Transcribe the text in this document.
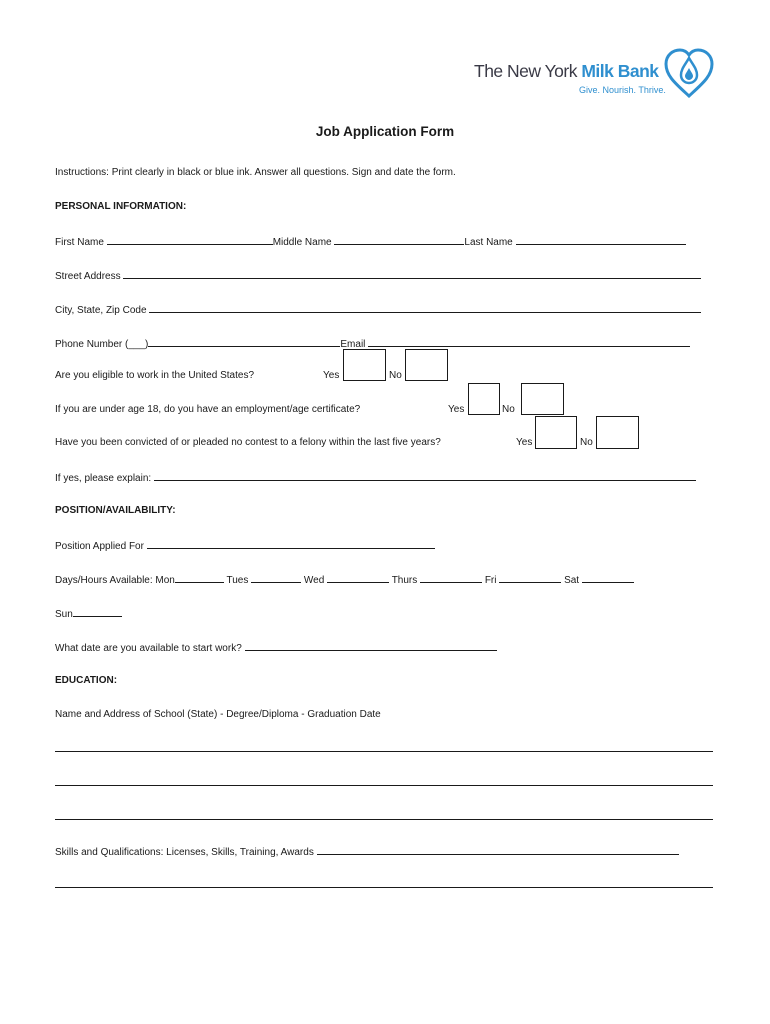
The New York Milk Bank
Give. Nourish. Thrive.
Job Application Form
Instructions: Print clearly in black or blue ink. Answer all questions. Sign and date the form.
PERSONAL INFORMATION:
First Name	Middle Name	Last Name
Street Address
City, State, Zip Code
Phone Number (___)	Email
Are you eligible to work in the United States?	Yes	No
If you are under age 18, do you have an employment/age certificate?	Yes	No
Have you been convicted of or pleaded no contest to a felony within the last five years?	Yes	No
If yes, please explain:
POSITION/AVAILABILITY:
Position Applied For
Days/Hours Available: Mon	Tues	Wed	Thurs	Fri	Sat
Sun
What date are you available to start work?
EDUCATION:
Name and Address of School (State) - Degree/Diploma - Graduation Date
Skills and Qualifications: Licenses, Skills, Training, Awards
